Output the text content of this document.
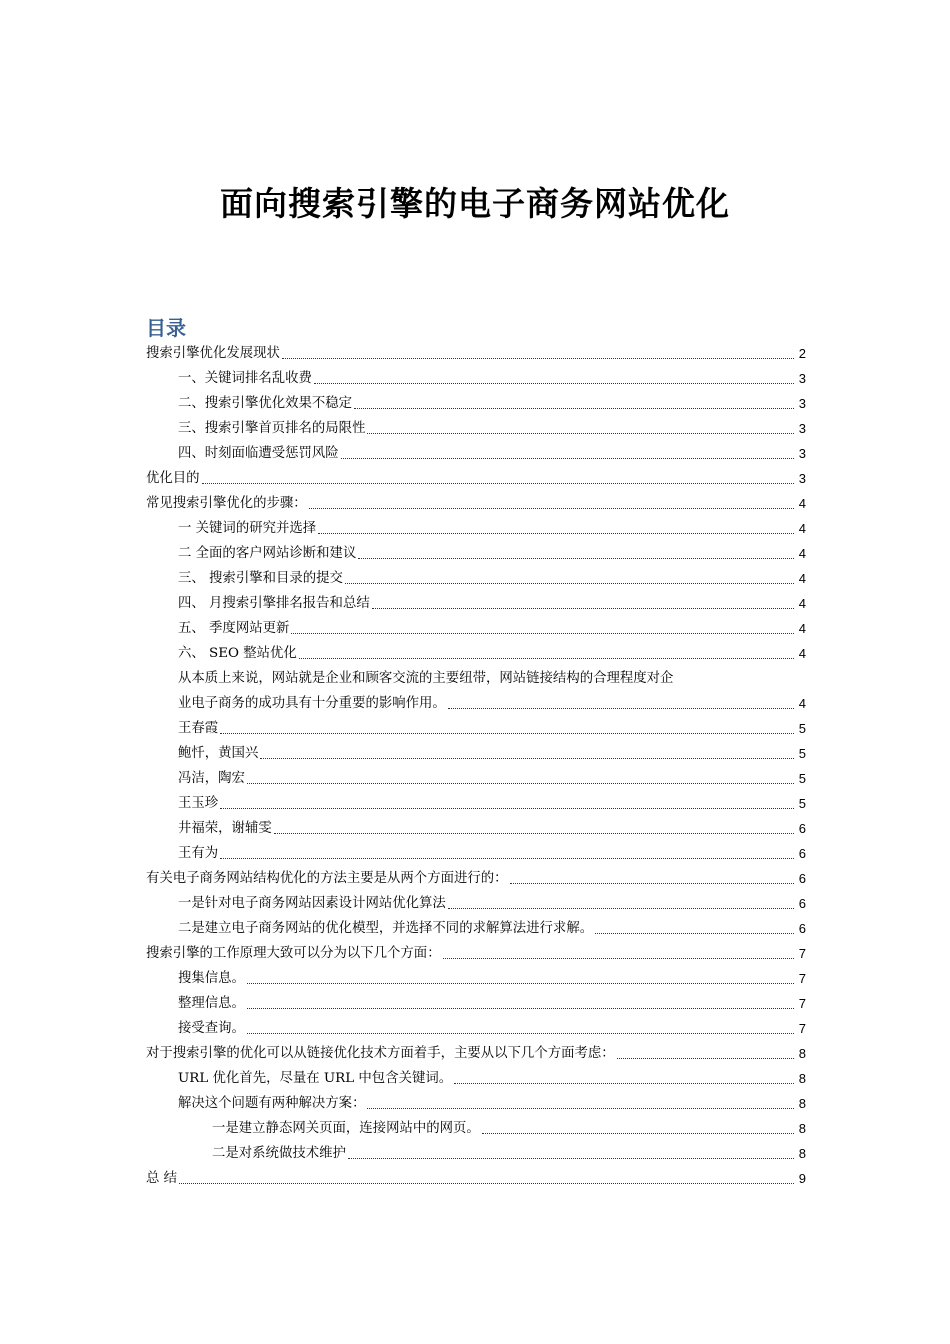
面向搜索引擎的电子商务网站优化
目录
搜索引擎优化发展现状	2
一、关键词排名乱收费	3
二、搜索引擎优化效果不稳定	3
三、搜索引擎首页排名的局限性	3
四、时刻面临遭受惩罚风险	3
优化目的	3
常见搜索引擎优化的步骤：	4
一 关键词的研究并选择	4
二 全面的客户网站诊断和建议	4
三、 搜索引擎和目录的提交	4
四、 月搜索引擎排名报告和总结	4
五、 季度网站更新	4
六、 SEO 整站优化	4
从本质上来说，网站就是企业和顾客交流的主要纽带，网站链接结构的合理程度对企
业电子商务的成功具有十分重要的影响作用。	4
王春霞	5
鲍忏，黄国兴	5
冯洁，陶宏	5
王玉珍	5
井福荣，谢辅雯	6
王有为	6
有关电子商务网站结构优化的方法主要是从两个方面进行的：	6
一是针对电子商务网站因素设计网站优化算法	6
二是建立电子商务网站的优化模型，并选择不同的求解算法进行求解。	6
搜索引擎的工作原理大致可以分为以下几个方面：	7
搜集信息。	7
整理信息。	7
接受查询。	7
对于搜索引擎的优化可以从链接优化技术方面着手，主要从以下几个方面考虑：	8
URL 优化首先，尽量在 URL 中包含关键词。	8
解决这个问题有两种解决方案：	8
一是建立静态网关页面，连接网站中的网页。	8
二是对系统做技术维护	8
总 结	9
